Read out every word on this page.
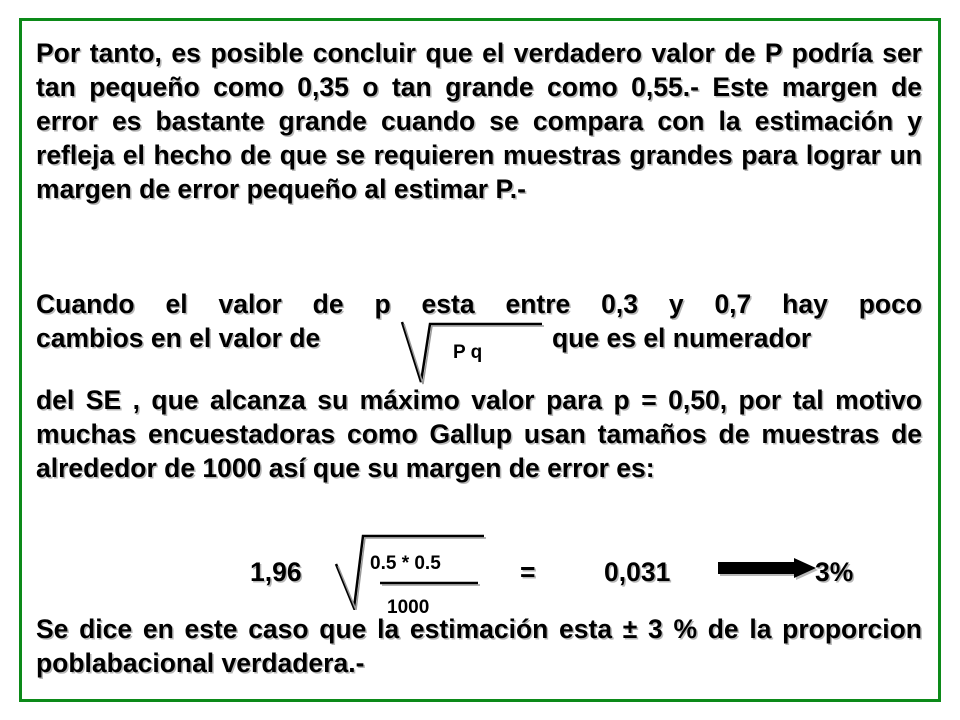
Por tanto, es posible concluir que el verdadero valor de P podría ser tan pequeño como 0,35 o tan grande como 0,55.- Este margen de error es bastante grande cuando se compara con la estimación y refleja el hecho de que se requieren muestras grandes para lograr un margen de error pequeño al estimar P.-

Cuando el valor de p esta entre 0,3 y 0,7 hay poco
cambios en el valor de	P q	que es el numerador

del SE , que alcanza su máximo valor para p = 0,50, por tal motivo muchas encuestadoras como Gallup usan tamaños de muestras de alrededor de 1000 así que su margen de error es:

1,96	0.5 * 0.5
1000
=	0,031	3%

Se dice en este caso que la estimación esta ± 3 % de la proporcion poblabacional verdadera.-
